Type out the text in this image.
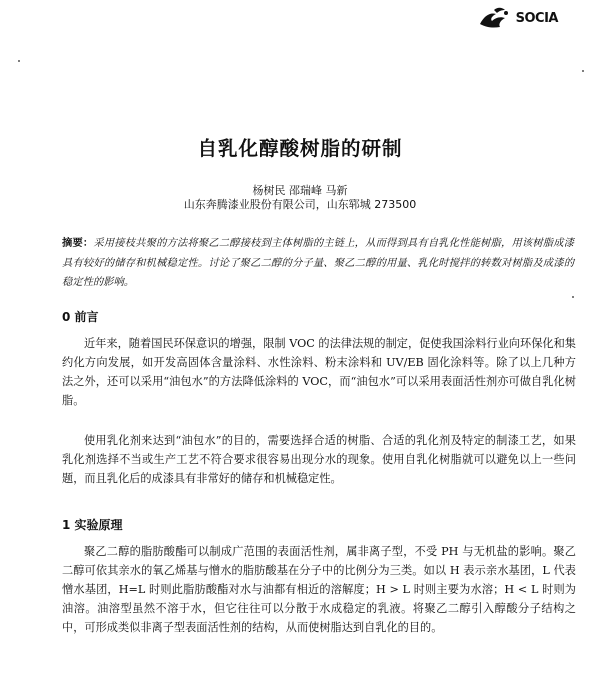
SOCIA
自乳化醇酸树脂的研制
杨树民 邵瑞峰 马新
山东奔腾漆业股份有限公司，山东郓城 273500
摘要：采用接枝共聚的方法将聚乙二醇接枝到主体树脂的主链上，从而得到具有自乳化性能树脂，用该树脂成漆具有较好的储存和机械稳定性。讨论了聚乙二醇的分子量、聚乙二醇的用量、乳化时搅拌的转数对树脂及成漆的稳定性的影响。
0 前言
近年来，随着国民环保意识的增强，限制 VOC 的法律法规的制定，促使我国涂料行业向环保化和集约化方向发展，如开发高固体含量涂料、水性涂料、粉末涂料和 UV/EB 固化涂料等。除了以上几种方法之外，还可以采用“油包水”的方法降低涂料的 VOC，而“油包水”可以采用表面活性剂亦可做自乳化树脂。
使用乳化剂来达到“油包水”的目的，需要选择合适的树脂、合适的乳化剂及特定的制漆工艺，如果乳化剂选择不当或生产工艺不符合要求很容易出现分水的现象。使用自乳化树脂就可以避免以上一些问题，而且乳化后的成漆具有非常好的储存和机械稳定性。
1 实验原理
聚乙二醇的脂肪酸酯可以制成广范围的表面活性剂，属非离子型，不受 PH 与无机盐的影响。聚乙二醇可依其亲水的氧乙烯基与憎水的脂肪酸基在分子中的比例分为三类。如以 H 表示亲水基团，L 代表憎水基团，H=L 时则此脂肪酸酯对水与油都有相近的溶解度；H > L 时则主要为水溶；H < L 时则为油溶。油溶型虽然不溶于水，但它往往可以分散于水成稳定的乳液。将聚乙二醇引入醇酸分子结构之中，可形成类似非离子型表面活性剂的结构，从而使树脂达到自乳化的目的。
